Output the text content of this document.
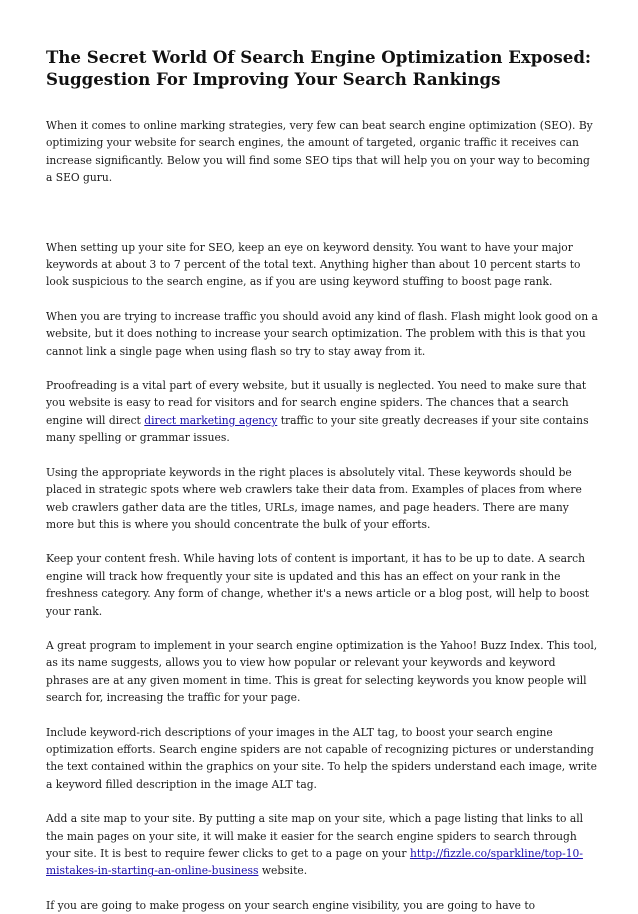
The Secret World Of Search Engine Optimization Exposed: Suggestion For Improving Your Search Rankings

When it comes to online marking strategies, very few can beat search engine optimization (SEO). By optimizing your website for search engines, the amount of targeted, organic traffic it receives can increase significantly. Below you will find some SEO tips that will help you on your way to becoming a SEO guru.

When setting up your site for SEO, keep an eye on keyword density. You want to have your major keywords at about 3 to 7 percent of the total text. Anything higher than about 10 percent starts to look suspicious to the search engine, as if you are using keyword stuffing to boost page rank.

When you are trying to increase traffic you should avoid any kind of flash. Flash might look good on a website, but it does nothing to increase your search optimization. The problem with this is that you cannot link a single page when using flash so try to stay away from it.

Proofreading is a vital part of every website, but it usually is neglected. You need to make sure that you website is easy to read for visitors and for search engine spiders. The chances that a search engine will direct direct marketing agency traffic to your site greatly decreases if your site contains many spelling or grammar issues.

Using the appropriate keywords in the right places is absolutely vital. These keywords should be placed in strategic spots where web crawlers take their data from. Examples of places from where web crawlers gather data are the titles, URLs, image names, and page headers. There are many more but this is where you should concentrate the bulk of your efforts.

Keep your content fresh. While having lots of content is important, it has to be up to date. A search engine will track how frequently your site is updated and this has an effect on your rank in the freshness category. Any form of change, whether it's a news article or a blog post, will help to boost your rank.

A great program to implement in your search engine optimization is the Yahoo! Buzz Index. This tool, as its name suggests, allows you to view how popular or relevant your keywords and keyword phrases are at any given moment in time. This is great for selecting keywords you know people will search for, increasing the traffic for your page.

Include keyword-rich descriptions of your images in the ALT tag, to boost your search engine optimization efforts. Search engine spiders are not capable of recognizing pictures or understanding the text contained within the graphics on your site. To help the spiders understand each image, write a keyword filled description in the image ALT tag.

Add a site map to your site. By putting a site map on your site, which a page listing that links to all the main pages on your site, it will make it easier for the search engine spiders to search through your site. It is best to require fewer clicks to get to a page on your http://fizzle.co/sparkline/top-10-mistakes-in-starting-an-online-business website.

If you are going to make progess on your search engine visibility, you are going to have to
